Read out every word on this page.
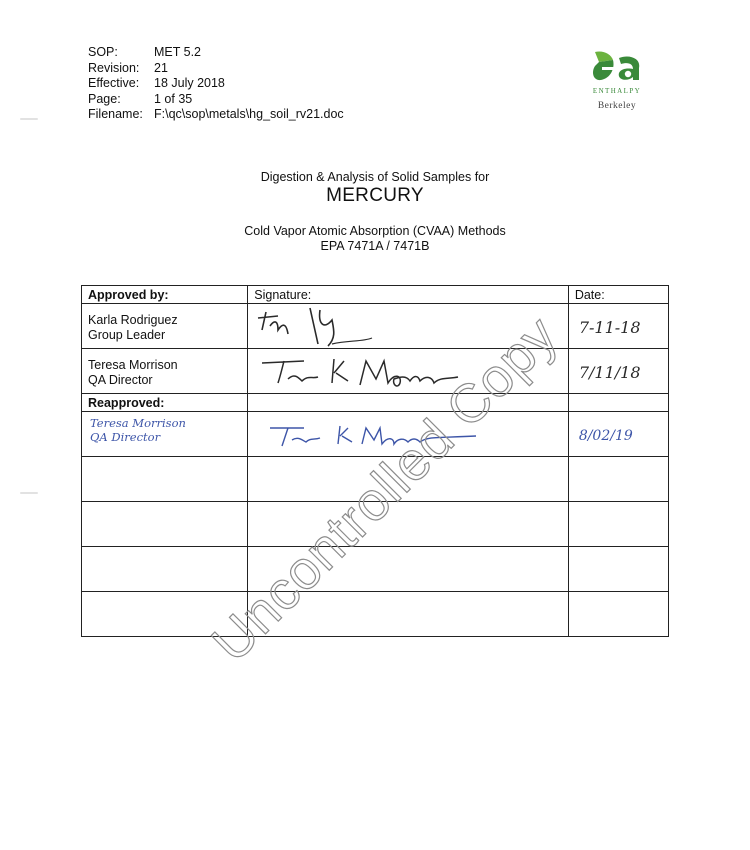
SOP:	MET 5.2
Revision:	21
Effective:	18 July 2018
Page:	1 of 35
Filename: F:\qc\sop\metals\hg_soil_rv21.doc
ENTHALPY
Berkeley
Digestion & Analysis of Solid Samples for
MERCURY
Cold Vapor Atomic Absorption (CVAA) Methods
EPA 7471A / 7471B
Approved by:	Signature:	Date:

Karla Rodriguez
Group Leader		7-11-18

Teresa Morrison
QA Director		7/11/18

Reapproved:		

Teresa Morrison
QA Director		8/02/19

Uncontrolled Copy
